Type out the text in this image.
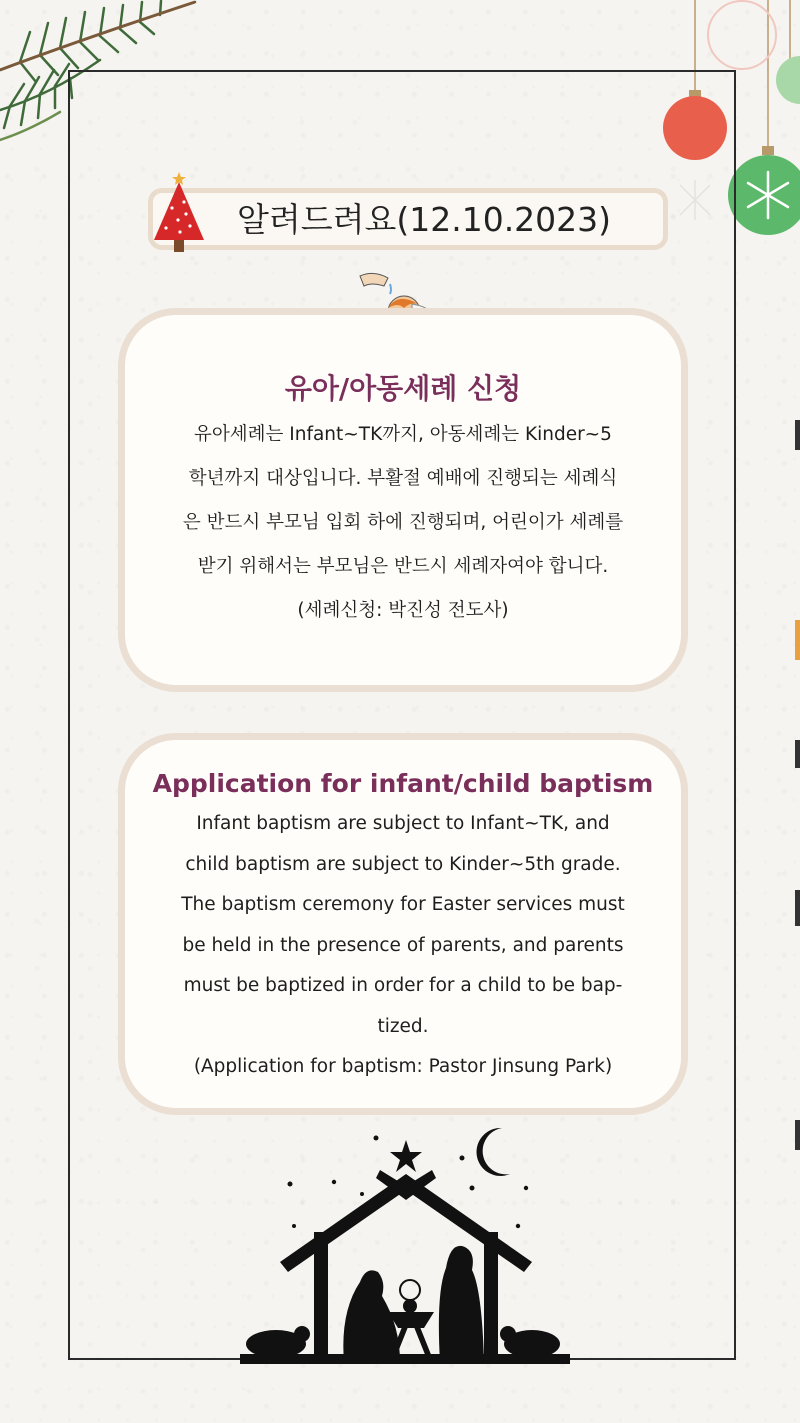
알려드려요(12.10.2023)
유아/아동세례 신청
유아세례는 Infant~TK까지, 아동세례는 Kinder~5
학년까지 대상입니다. 부활절 예배에 진행되는 세례식
은 반드시 부모님 입회 하에 진행되며, 어린이가 세례를
받기 위해서는 부모님은 반드시 세례자여야 합니다.
(세례신청: 박진성 전도사)
Application for infant/child baptism
Infant baptism are subject to Infant~TK, and
child baptism are subject to Kinder~5th grade.
The baptism ceremony for Easter services must
be held in the presence of parents, and parents
must be baptized in order for a child to be bap-
tized.
(Application for baptism: Pastor Jinsung Park)
